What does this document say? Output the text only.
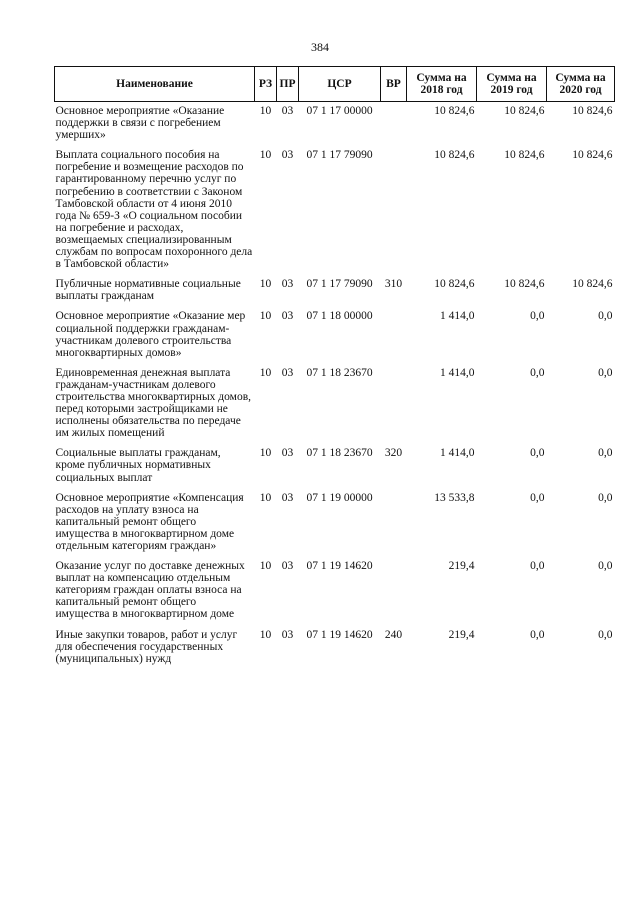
384
Наименование	РЗ	ПР	ЦСР	ВР	Сумма на 2018 год	Сумма на 2019 год	Сумма на 2020 год
Основное мероприятие «Оказание поддержки в связи с погребением умерших»	10	03	07 1 17 00000		10 824,6	10 824,6	10 824,6
Выплата социального пособия на погребение и возмещение расходов по гарантированному перечню услуг по погребению в соответствии с Законом Тамбовской области от 4 июня 2010 года № 659-З «О социальном пособии на погребение и расходах, возмещаемых специализированным службам по вопросам похоронного дела в Тамбовской области»	10	03	07 1 17 79090		10 824,6	10 824,6	10 824,6
Публичные нормативные социальные выплаты гражданам	10	03	07 1 17 79090	310	10 824,6	10 824,6	10 824,6
Основное мероприятие «Оказание мер социальной поддержки гражданам-участникам долевого строительства многоквартирных домов»	10	03	07 1 18 00000		1 414,0	0,0	0,0
Единовременная денежная выплата гражданам-участникам долевого строительства многоквартирных домов, перед которыми застройщиками не исполнены обязательства по передаче им жилых помещений	10	03	07 1 18 23670		1 414,0	0,0	0,0
Социальные выплаты гражданам, кроме публичных нормативных социальных выплат	10	03	07 1 18 23670	320	1 414,0	0,0	0,0
Основное мероприятие «Компенсация расходов на уплату взноса на капитальный ремонт общего имущества в многоквартирном доме отдельным категориям граждан»	10	03	07 1 19 00000		13 533,8	0,0	0,0
Оказание услуг по доставке денежных выплат на компенсацию отдельным категориям граждан оплаты взноса на капитальный ремонт общего имущества в многоквартирном доме	10	03	07 1 19 14620		219,4	0,0	0,0
Иные закупки товаров, работ и услуг для обеспечения государственных (муниципальных) нужд	10	03	07 1 19 14620	240	219,4	0,0	0,0
